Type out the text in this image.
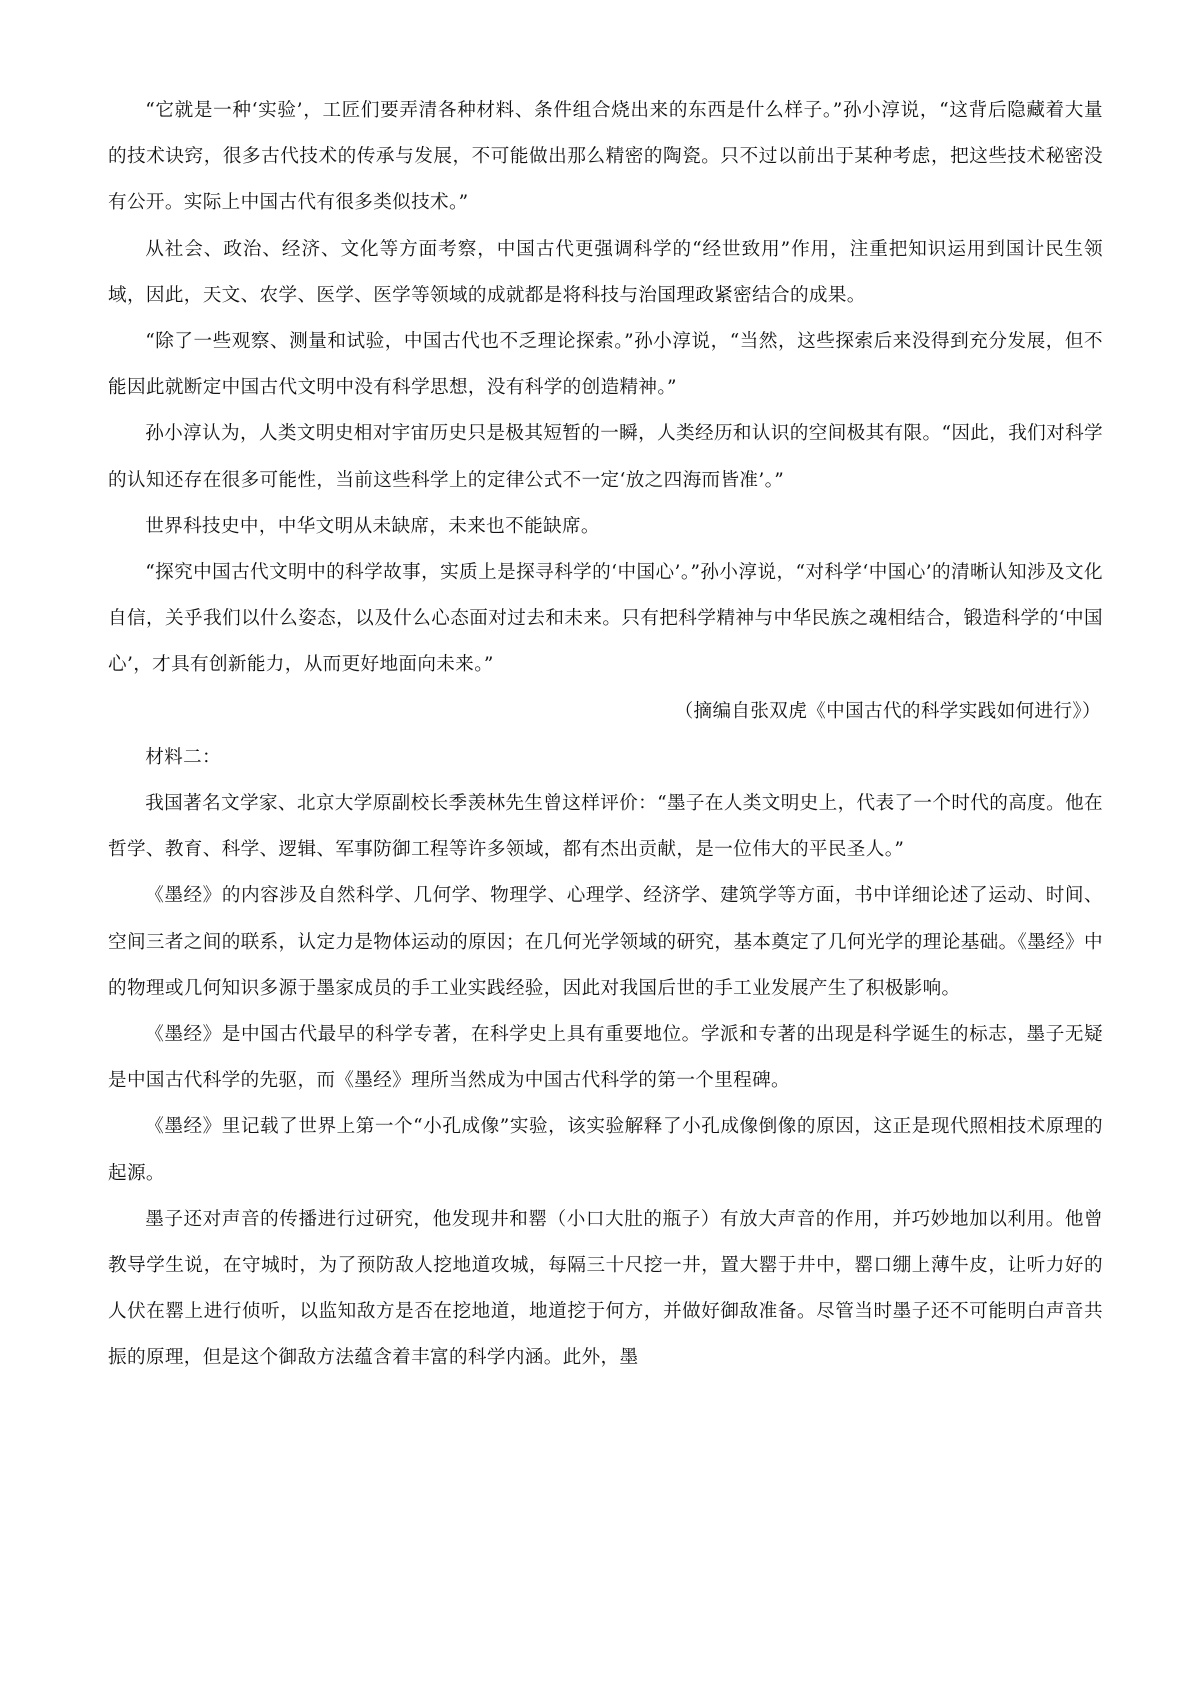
“它就是一种‘实验’，工匠们要弄清各种材料、条件组合烧出来的东西是什么样子。”孙小淳说，“这背后隐藏着大量的技术诀窍，很多古代技术的传承与发展，不可能做出那么精密的陶瓷。只不过以前出于某种考虑，把这些技术秘密没有公开。实际上中国古代有很多类似技术。”

从社会、政治、经济、文化等方面考察，中国古代更强调科学的“经世致用”作用，注重把知识运用到国计民生领域，因此，天文、农学、医学、医学等领域的成就都是将科技与治国理政紧密结合的成果。

“除了一些观察、测量和试验，中国古代也不乏理论探索。”孙小淳说，“当然，这些探索后来没得到充分发展，但不能因此就断定中国古代文明中没有科学思想，没有科学的创造精神。”

孙小淳认为，人类文明史相对宇宙历史只是极其短暂的一瞬，人类经历和认识的空间极其有限。“因此，我们对科学的认知还存在很多可能性，当前这些科学上的定律公式不一定‘放之四海而皆准’。”

世界科技史中，中华文明从未缺席，未来也不能缺席。

“探究中国古代文明中的科学故事，实质上是探寻科学的‘中国心’。”孙小淳说，“对科学‘中国心’的清晰认知涉及文化自信，关乎我们以什么姿态，以及什么心态面对过去和未来。只有把科学精神与中华民族之魂相结合，锻造科学的‘中国心’，才具有创新能力，从而更好地面向未来。”

（摘编自张双虎《中国古代的科学实践如何进行》）

材料二：

我国著名文学家、北京大学原副校长季羡林先生曾这样评价：“墨子在人类文明史上，代表了一个时代的高度。他在哲学、教育、科学、逻辑、军事防御工程等许多领域，都有杰出贡献，是一位伟大的平民圣人。”

《墨经》的内容涉及自然科学、几何学、物理学、心理学、经济学、建筑学等方面，书中详细论述了运动、时间、空间三者之间的联系，认定力是物体运动的原因；在几何光学领域的研究，基本奠定了几何光学的理论基础。《墨经》中的物理或几何知识多源于墨家成员的手工业实践经验，因此对我国后世的手工业发展产生了积极影响。

《墨经》是中国古代最早的科学专著，在科学史上具有重要地位。学派和专著的出现是科学诞生的标志，墨子无疑是中国古代科学的先驱，而《墨经》理所当然成为中国古代科学的第一个里程碑。

《墨经》里记载了世界上第一个“小孔成像”实验，该实验解释了小孔成像倒像的原因，这正是现代照相技术原理的起源。

墨子还对声音的传播进行过研究，他发现井和罂（小口大肚的瓶子）有放大声音的作用，并巧妙地加以利用。他曾教导学生说，在守城时，为了预防敌人挖地道攻城，每隔三十尺挖一井，置大罂于井中，罂口绷上薄牛皮，让听力好的人伏在罂上进行侦听，以监知敌方是否在挖地道，地道挖于何方，并做好御敌准备。尽管当时墨子还不可能明白声音共振的原理，但是这个御敌方法蕴含着丰富的科学内涵。此外，墨
